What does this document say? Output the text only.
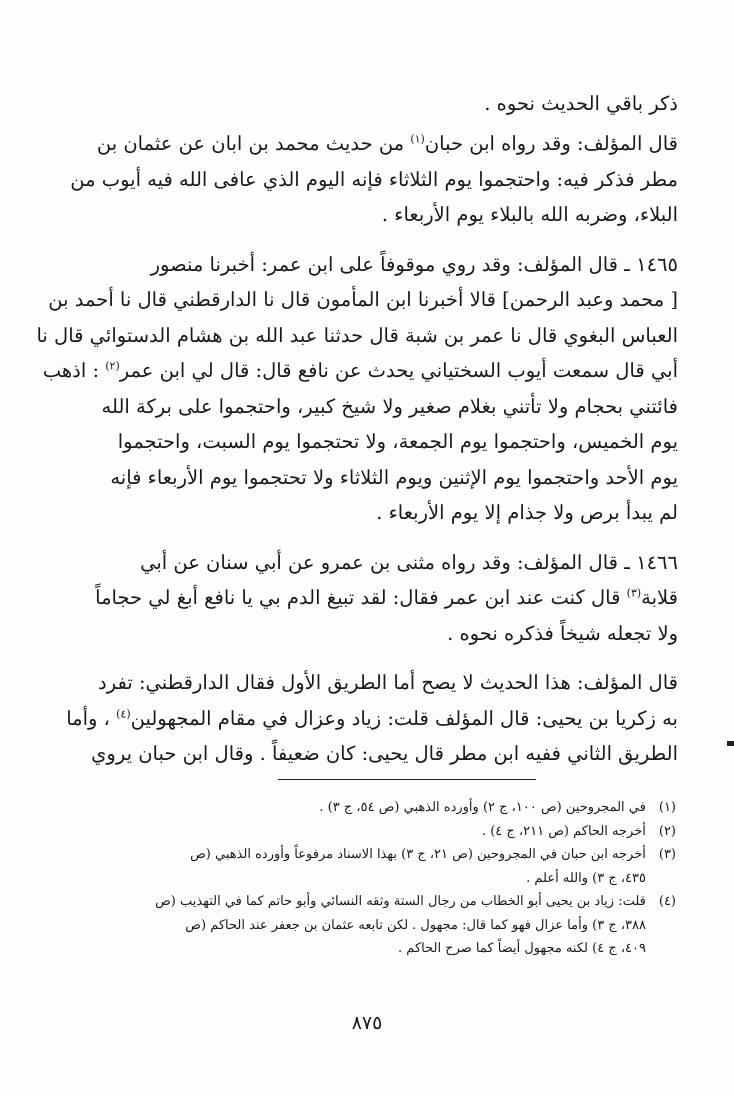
ذكر باقي الحديث نحوه .

قال المؤلف: وقد رواه ابن حبان$^{(١)}$ من حديث محمد بن ابان عن عثمان بن
مطر فذكر فيه: واحتجموا يوم الثلاثاء فإنه اليوم الذي عافى الله فيه أيوب من
البلاء، وضربه الله بالبلاء يوم الأربعاء .
١٤٦٥ ـ قال المؤلف: وقد روي موقوفاً على ابن عمر: أخبرنا منصور
[ محمد وعبد الرحمن] قالا أخبرنا ابن المأمون قال نا الدارقطني قال نا أحمد بن
العباس البغوي قال نا عمر بن شبة قال حدثنا عبد الله بن هشام الدستوائي قال نا
أبي قال سمعت أيوب السختياني يحدث عن نافع قال: قال لي ابن عمر$^{(٢)}$ : اذهب
فائتني بحجام ولا تأتني بغلام صغير ولا شيخ كبير، واحتجموا على بركة الله
يوم الخميس، واحتجموا يوم الجمعة، ولا تحتجموا يوم السبت، واحتجموا
يوم الأحد واحتجموا يوم الإثنين ويوم الثلاثاء ولا تحتجموا يوم الأربعاء فإنه
لم يبدأ برص ولا جذام إلا يوم الأربعاء .
١٤٦٦ ـ قال المؤلف: وقد رواه مثنى بن عمرو عن أبي سنان عن أبي
قلابة$^{(٣)}$ قال كنت عند ابن عمر فقال: لقد تبيغ الدم بي يا نافع أبغ لي حجاماً
ولا تجعله شيخاً فذكره نحوه .
قال المؤلف: هذا الحديث لا يصح أما الطريق الأول فقال الدارقطني: تفرد
به زكريا بن يحيى: قال المؤلف قلت: زياد وعزال في مقام المجهولين$^{(٤)}$ ، وأما
الطريق الثاني ففيه ابن مطر قال يحيى: كان ضعيفاً . وقال ابن حبان يروي
(١) في المجروحين (ص ١٠٠، ج ٢) وأورده الذهبي (ص ٥٤، ج ٣) .
(٢) أخرجه الحاكم (ص ٢١١، ج ٤) .
(٣) أخرجه ابن حبان في المجروحين (ص ٢١، ج ٣) بهذا الاسناد مرفوعاً وأورده الذهبي (ص
٤٣٥، ج ٣) والله أعلم .
(٤) قلت: زياد بن يحيى أبو الخطاب من رجال الستة وثقه النسائي وأبو حاتم كما في التهذيب (ص
٣٨٨، ج ٣) وأما عزال فهو كما قال: مجهول . لكن تابعه عثمان بن جعفر عند الحاكم (ص
٤٠٩، ج ٤) لكنه مجهول أيضاً كما صرح الحاكم .
٨٧٥
